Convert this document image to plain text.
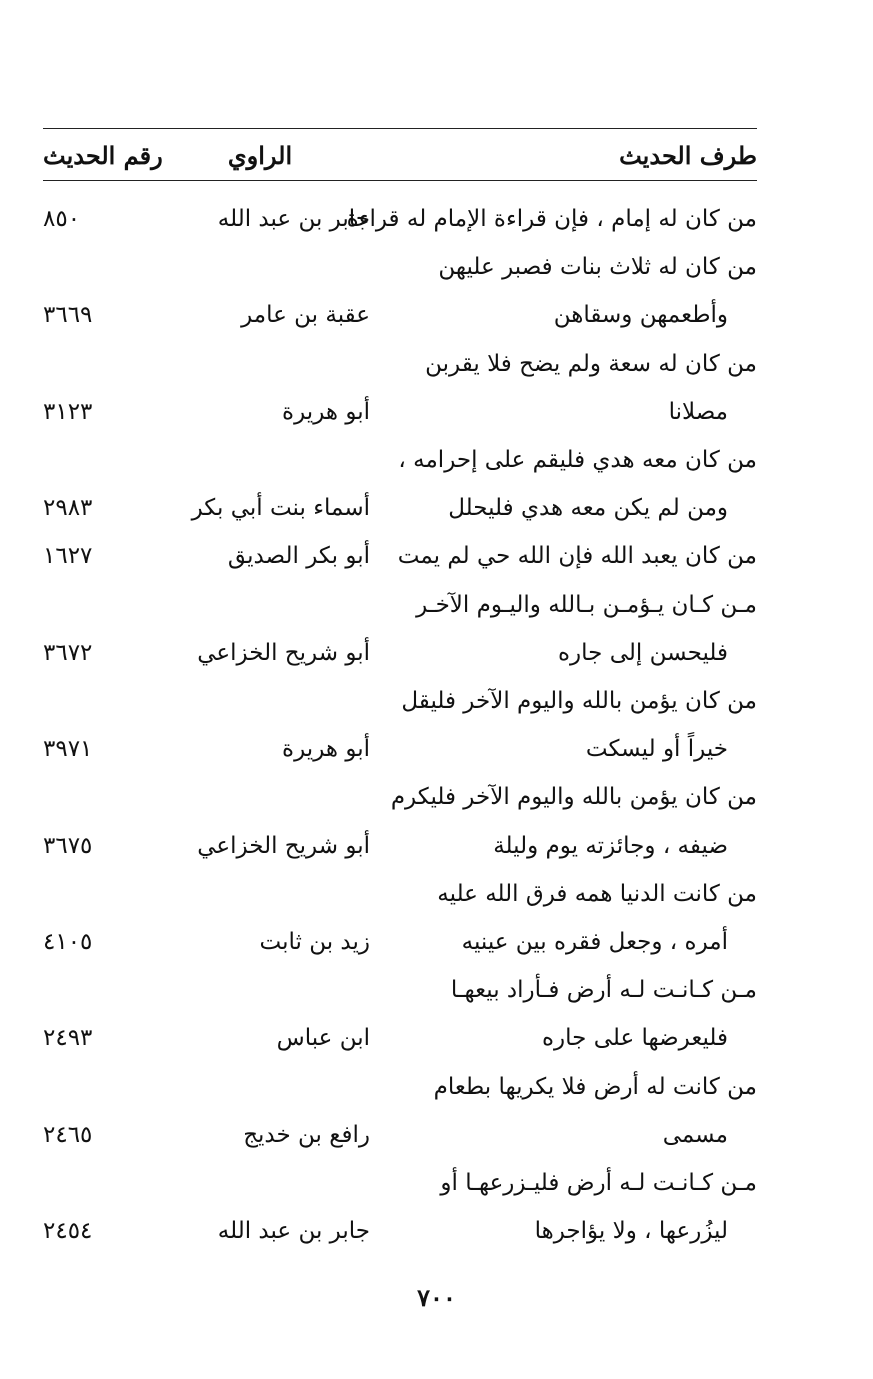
طرف الحديث
الراوي
رقم الحديث
من كان له إمام ، فإن قراءة الإمام له قراءة
جابر بن عبد الله
٨٥٠
من كان له ثلاث بنات فصبر عليهن
وأطعمهن وسقاهن
عقبة بن عامر
٣٦٦٩
من كان له سعة ولم يضح فلا يقربن
مصلانا
أبو هريرة
٣١٢٣
من كان معه هدي فليقم على إحرامه ،
ومن لم يكن معه هدي فليحلل
أسماء بنت أبي بكر
٢٩٨٣
من كان يعبد الله فإن الله حي لم يمت
أبو بكر الصديق
١٦٢٧
مـن كـان يـؤمـن بـالله واليـوم الآخـر
فليحسن إلى جاره
أبو شريح الخزاعي
٣٦٧٢
من كان يؤمن بالله واليوم الآخر فليقل
خيراً أو ليسكت
أبو هريرة
٣٩٧١
من كان يؤمن بالله واليوم الآخر فليكرم
ضيفه ، وجائزته يوم وليلة
أبو شريح الخزاعي
٣٦٧٥
من كانت الدنيا همه فرق الله عليه
أمره ، وجعل فقره بين عينيه
زيد بن ثابت
٤١٠٥
مـن كـانـت لـه أرض فـأراد بيعهـا
فليعرضها على جاره
ابن عباس
٢٤٩٣
من كانت له أرض فلا يكريها بطعام
مسمى
رافع بن خديج
٢٤٦٥
مـن كـانـت لـه أرض فليـزرعهـا أو
ليزُرعها ، ولا يؤاجرها
جابر بن عبد الله
٢٤٥٤
٧٠٠
